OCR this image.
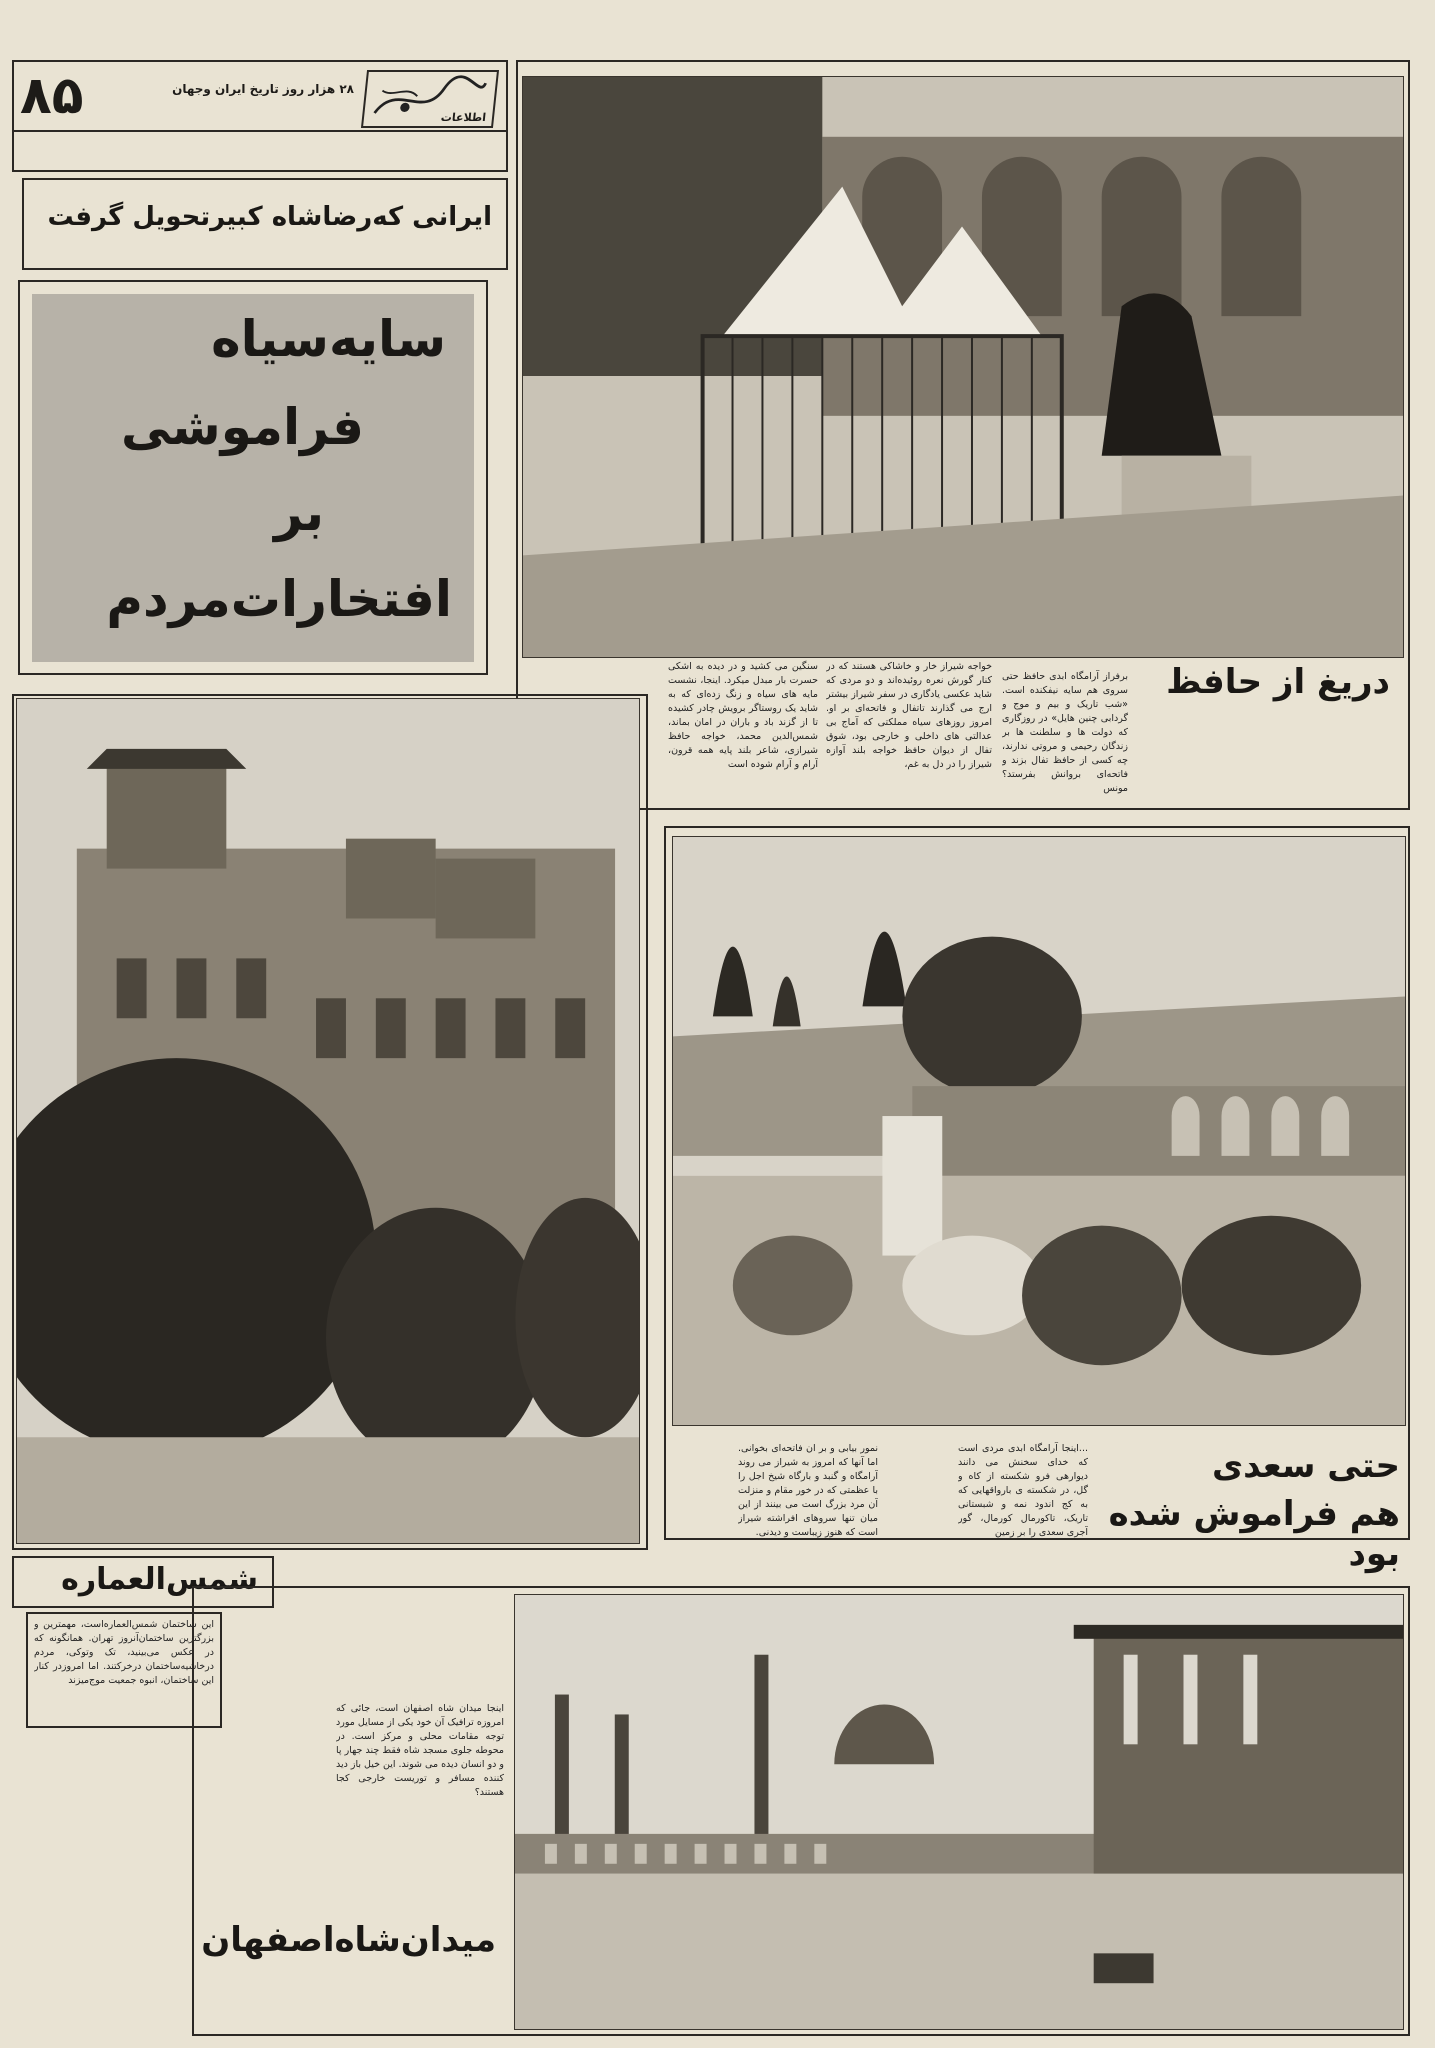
۸۵	۲۸ هزار روز تاریخ ایران وجهان
اطلاعات
ایرانی که‌رضاشاه کبیرتحویل گرفت
سایه‌سیاه
فراموشی
بر
افتخارات‌مردم
دریغ از حافظ
برفراز آرامگاه ابدی حافظ حتی سروی هم سایه نیفکنده است. «شب تاریک و بیم و موج و گردابی چنین هایل» در روزگاری که دولت ها و سلطنت ها بر زندگان رحیمی و مروتی ندارند، چه کسی از حافظ تفال بزند و فاتحه‌ای بروانش بفرستد؟ مونس
خواجه شیراز خار و خاشاکی هستند که در کنار گورش نعره روئیده‌اند و دو مردی که شاید عکسی یادگاری در سفر شیراز بیشتر ارج می گذارند تاتفال و فاتحه‌ای بر او. امروز روزهای سیاه مملکتی که آماج بی عدالتی های داخلی و خارجی بود، شوق تفال از دیوان حافظ خواجه بلند آوازه شیراز را در دل به غم،
سنگین می کشید و در دیده به اشکی حسرت بار مبدل میکرد. اینجا، نشست مایه های سیاه و زنگ زده‌ای که به شاید یک روستاگر برویش چادر کشیده تا از گزند باد و باران در امان بماند، شمس‌الدین محمد، خواجه حافظ شیرازی، شاعر بلند پایه همه قرون، آرام و آرام شوده است
شمس‌العماره
این ساختمان شمس‌العماره‌است، مهمترین و بزرگترین ساختمان‌آنروز تهران. همانگونه که در عکس می‌بینید، تک وتوکی، مردم درخاشیه‌ساختمان درخرکتند. اما امروزدر کنار این ساختمان، انبوه جمعیت موج‌میزند
...اینجا آرامگاه ابدی مردی است که خدای سخنش می دانند دیوارهی فرو شکسته از کاه و گل، در شکسته ی بارواقهایی که به کج اندود نمه و شبستانی تاریک، تاکورمال کورمال، گور آجری سعدی را بر زمین
نمور بیابی و بر ان فاتحه‌ای بخوانی. اما آنها که امروز به شیراز می روند آرامگاه و گنبد و بارگاه شیخ اجل را با عظمتی که در خور مقام و منزلت آن مرد بزرگ است می بینند از این میان تنها سروهای افراشته شیراز است که هنوز زیباست و دیدنی.
حتی سعدی
هم فراموش شده بود
اینجا میدان شاه اصفهان است، جائی که امروزه ترافیک آن خود یکی از مسایل مورد توجه مقامات محلی و مرکز است. در محوطه جلوی مسجد شاه فقط چند جهار پا و دو انسان دیده می شوند. این خیل باز دید کننده مسافر و توریست خارجی کجا هستند؟
میدان‌شاه‌اصفهان
